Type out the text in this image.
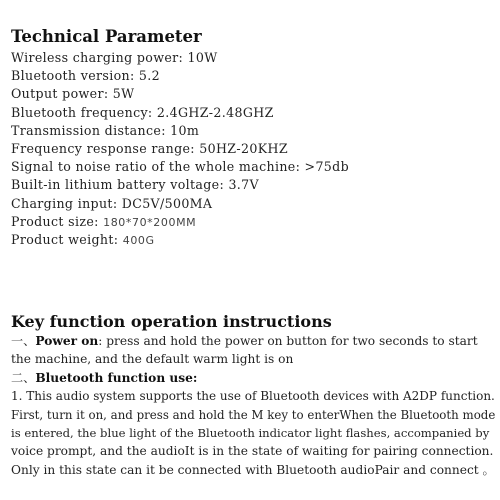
Technical Parameter
Wireless charging power: 10W
Bluetooth version: 5.2
Output power: 5W
Bluetooth frequency: 2.4GHZ-2.48GHZ
Transmission distance: 10m
Frequency response range: 50HZ-20KHZ
Signal to noise ratio of the whole machine: >75db
Built-in lithium battery voltage: 3.7V
Charging input: DC5V/500MA
Product size: 180*70*200MM
Product weight: 400G
Key function operation instructions
一、Power on: press and hold the power on button for two seconds to start
the machine, and the default warm light is on
二、Bluetooth function use:
1. This audio system supports the use of Bluetooth devices with A2DP function.
First, turn it on, and press and hold the M key to enterWhen the Bluetooth mode
is entered, the blue light of the Bluetooth indicator light flashes, accompanied by
voice prompt, and the audioIt is in the state of waiting for pairing connection.
Only in this state can it be connected with Bluetooth audioPair and connect 。
